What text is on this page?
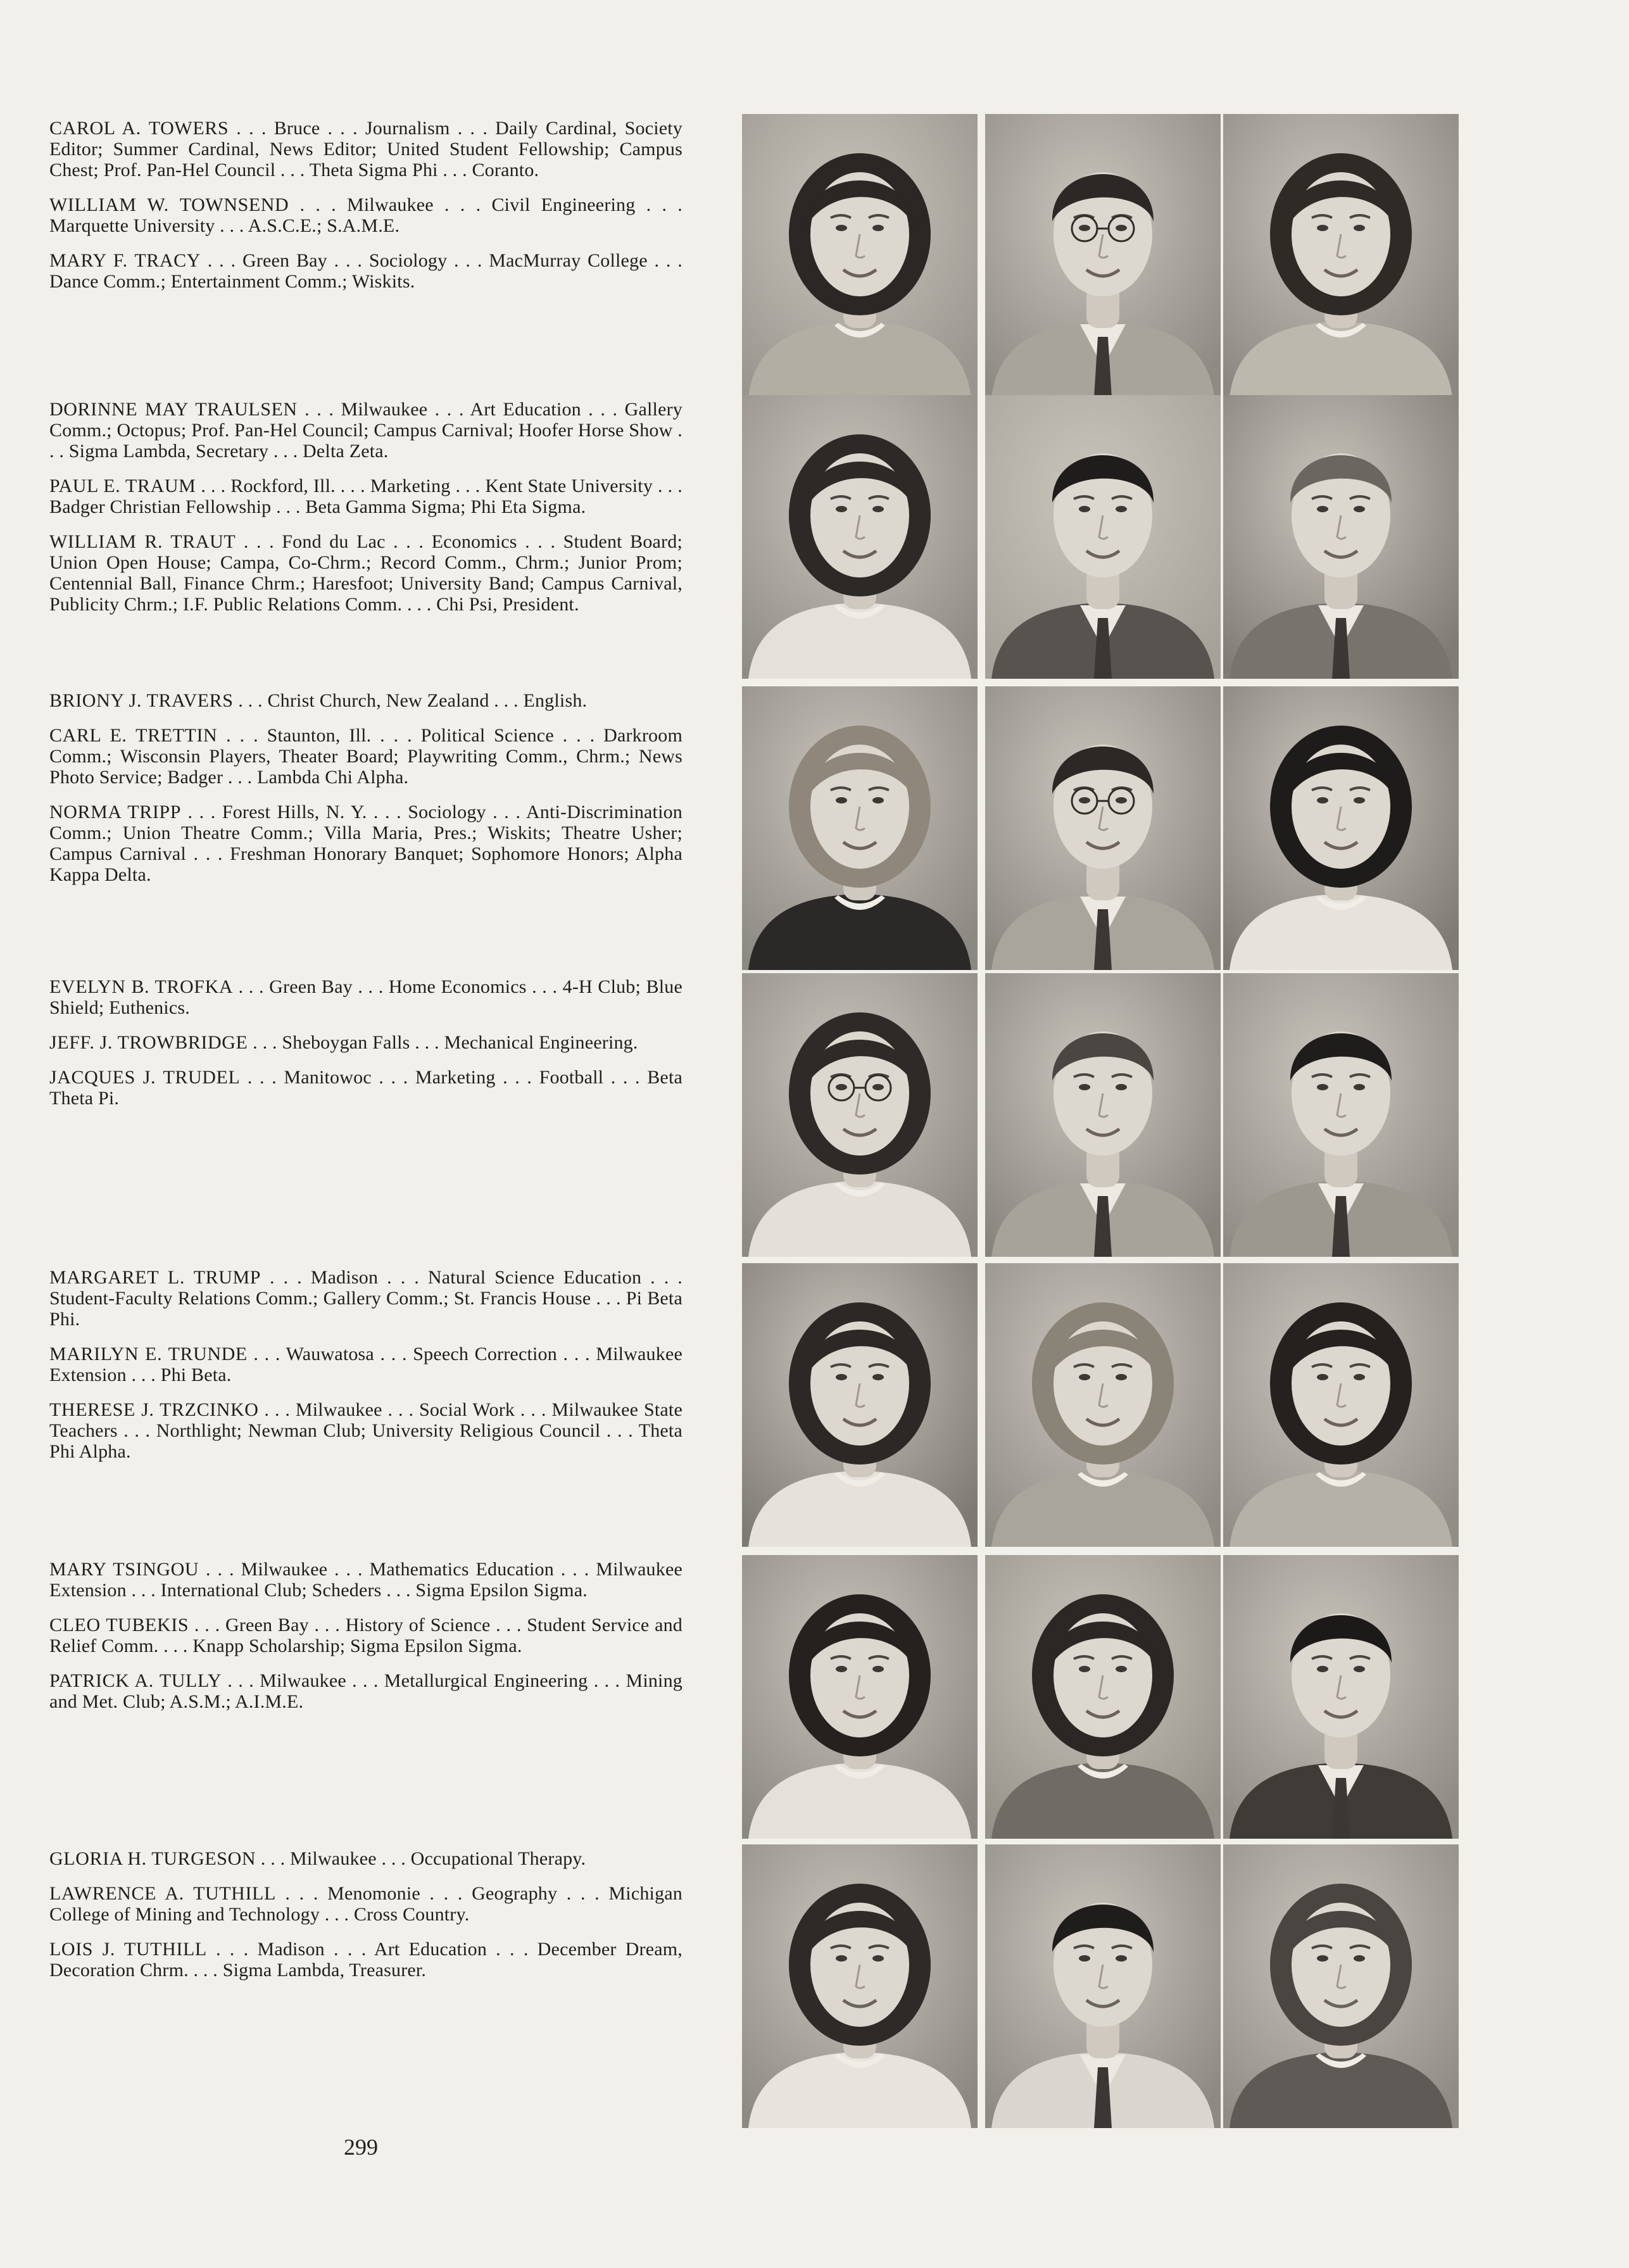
CAROL A. TOWERS . . . Bruce . . . Journalism . . . Daily Cardinal, Society Editor; Summer Cardinal, News Editor; United Student Fellowship; Campus Chest; Prof. Pan-Hel Council . . . Theta Sigma Phi . . . Coranto.

WILLIAM W. TOWNSEND . . . Milwaukee . . . Civil Engineering . . . Marquette University . . . A.S.C.E.; S.A.M.E.

MARY F. TRACY . . . Green Bay . . . Sociology . . . MacMurray College . . . Dance Comm.; Entertainment Comm.; Wiskits.

DORINNE MAY TRAULSEN . . . Milwaukee . . . Art Education . . . Gallery Comm.; Octopus; Prof. Pan-Hel Council; Campus Carnival; Hoofer Horse Show . . . Sigma Lambda, Secretary . . . Delta Zeta.

PAUL E. TRAUM . . . Rockford, Ill. . . . Marketing . . . Kent State University . . . Badger Christian Fellowship . . . Beta Gamma Sigma; Phi Eta Sigma.

WILLIAM R. TRAUT . . . Fond du Lac . . . Economics . . . Student Board; Union Open House; Campa, Co-Chrm.; Record Comm., Chrm.; Junior Prom; Centennial Ball, Finance Chrm.; Haresfoot; University Band; Campus Carnival, Publicity Chrm.; I.F. Public Relations Comm. . . . Chi Psi, President.

BRIONY J. TRAVERS . . . Christ Church, New Zealand . . . English.

CARL E. TRETTIN . . . Staunton, Ill. . . . Political Science . . . Darkroom Comm.; Wisconsin Players, Theater Board; Playwriting Comm., Chrm.; News Photo Service; Badger . . . Lambda Chi Alpha.

NORMA TRIPP . . . Forest Hills, N. Y. . . . Sociology . . . Anti-Discrimination Comm.; Union Theatre Comm.; Villa Maria, Pres.; Wiskits; Theatre Usher; Campus Carnival . . . Freshman Honorary Banquet; Sophomore Honors; Alpha Kappa Delta.

EVELYN B. TROFKA . . . Green Bay . . . Home Economics . . . 4-H Club; Blue Shield; Euthenics.

JEFF. J. TROWBRIDGE . . . Sheboygan Falls . . . Mechanical Engineering.

JACQUES J. TRUDEL . . . Manitowoc . . . Marketing . . . Football . . . Beta Theta Pi.

MARGARET L. TRUMP . . . Madison . . . Natural Science Education . . . Student-Faculty Relations Comm.; Gallery Comm.; St. Francis House . . . Pi Beta Phi.

MARILYN E. TRUNDE . . . Wauwatosa . . . Speech Correction . . . Milwaukee Extension . . . Phi Beta.

THERESE J. TRZCINKO . . . Milwaukee . . . Social Work . . . Milwaukee State Teachers . . . Northlight; Newman Club; University Religious Council . . . Theta Phi Alpha.

MARY TSINGOU . . . Milwaukee . . . Mathematics Education . . . Milwaukee Extension . . . International Club; Scheders . . . Sigma Epsilon Sigma.

CLEO TUBEKIS . . . Green Bay . . . History of Science . . . Student Service and Relief Comm. . . . Knapp Scholarship; Sigma Epsilon Sigma.

PATRICK A. TULLY . . . Milwaukee . . . Metallurgical Engineering . . . Mining and Met. Club; A.S.M.; A.I.M.E.

GLORIA H. TURGESON . . . Milwaukee . . . Occupational Therapy.

LAWRENCE A. TUTHILL . . . Menomonie . . . Geography . . . Michigan College of Mining and Technology . . . Cross Country.

LOIS J. TUTHILL . . . Madison . . . Art Education . . . December Dream, Decoration Chrm. . . . Sigma Lambda, Treasurer.

299
